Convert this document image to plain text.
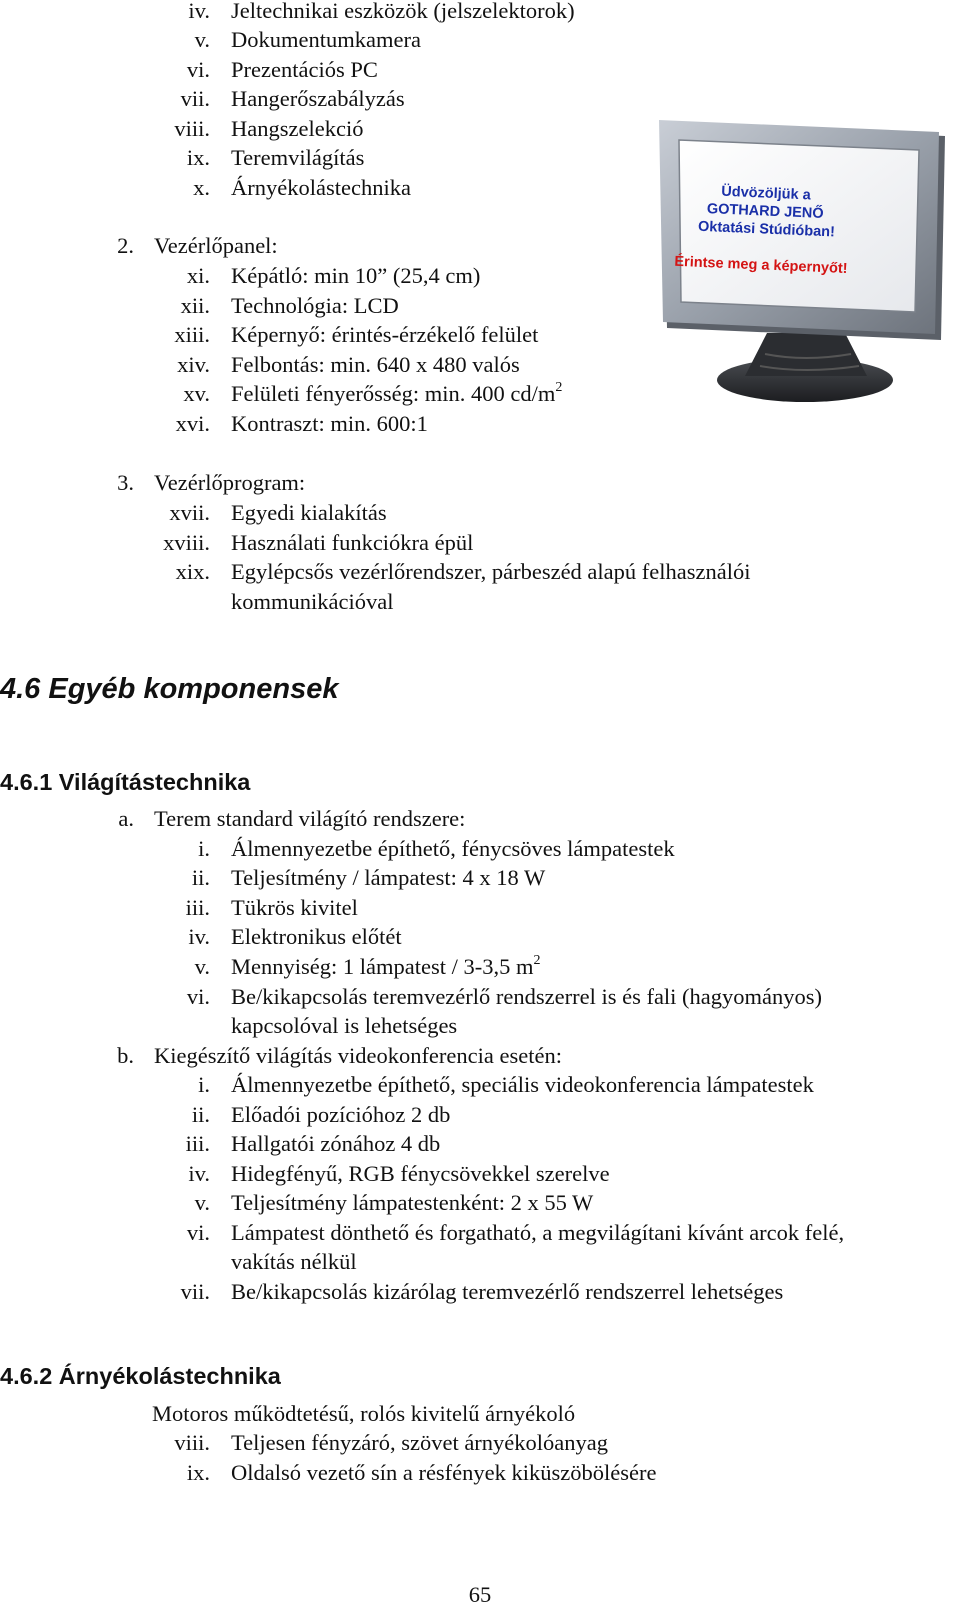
iv. Jeltechnikai eszközök (jelszelektorok)
v. Dokumentumkamera
vi. Prezentációs PC
vii. Hangerőszabályzás
viii. Hangszelekció
ix. Teremvilágítás
x. Árnyékolástechnika
2. Vezérlőpanel:
xi. Képátló: min 10” (25,4 cm)
xii. Technológia: LCD
xiii. Képernyő: érintés-érzékelő felület
xiv. Felbontás: min. 640 x 480 valós
xv. Felületi fényerősség: min. 400 $cd/m^2$
xvi. Kontraszt: min. 600:1
3. Vezérlőprogram:
xvii. Egyedi kialakítás
xviii. Használati funkciókra épül
xix. Egylépcsős vezérlőrendszer, párbeszéd alapú felhasználói
kommunikációval
4.6 Egyéb komponensek
4.6.1 Világítástechnika
a. Terem standard világító rendszere:
i. Álmennyezetbe építhető, fénycsöves lámpatestek
ii. Teljesítmény / lámpatest: 4 x 18 W
iii. Tükrös kivitel
iv. Elektronikus előtét
v. Mennyiség: 1 lámpatest / 3-3,5 $m^2$
vi. Be/kikapcsolás teremvezérlő rendszerrel is és fali (hagyományos)
kapcsolóval is lehetséges
b. Kiegészítő világítás videokonferencia esetén:
i. Álmennyezetbe építhető, speciális videokonferencia lámpatestek
ii. Előadói pozícióhoz 2 db
iii. Hallgatói zónához 4 db
iv. Hidegfényű, RGB fénycsövekkel szerelve
v. Teljesítmény lámpatestenként: 2 x 55 W
vi. Lámpatest dönthető és forgatható, a megvilágítani kívánt arcok felé,
vakítás nélkül
vii. Be/kikapcsolás kizárólag teremvezérlő rendszerrel lehetséges
4.6.2 Árnyékolástechnika
Motoros működtetésű, rolós kivitelű árnyékoló
viii. Teljesen fényzáró, szövet árnyékolóanyag
ix. Oldalsó vezető sín a résfények kiküszöbölésére
Üdvözöljük a
GOTHARD JENŐ
Oktatási Stúdióban!
Érintse meg a képernyőt!
65
